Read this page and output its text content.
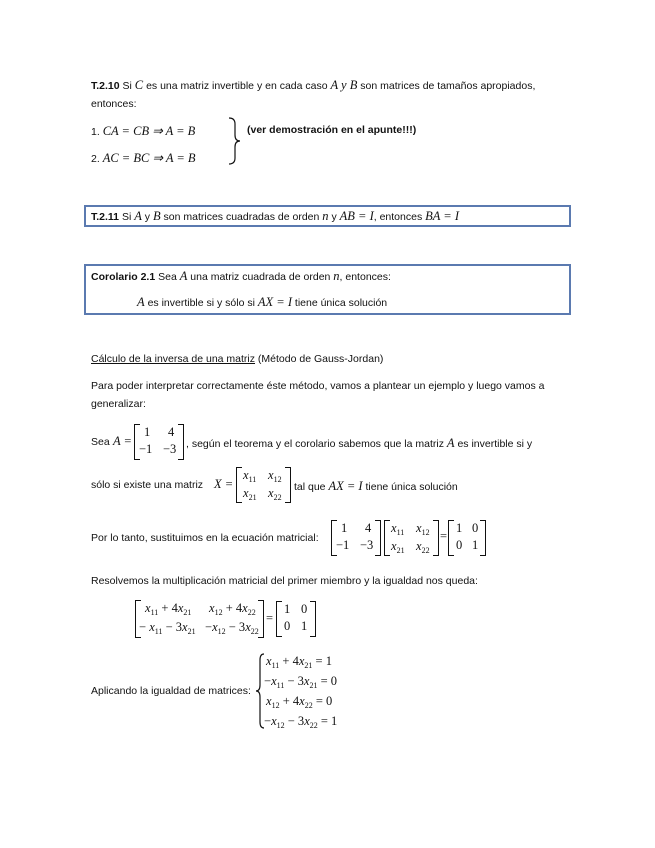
T.2.10 Si C es una matriz invertible y en cada caso A y B son matrices de tamaños apropiados,
entonces:
1. CA = CB ⇒ A = B
2. AC = BC ⇒ A = B
(ver demostración en el apunte!!!)
T.2.11 Si A y B son matrices cuadradas de orden n y AB = I, entonces BA = I
Corolario 2.1 Sea A una matriz cuadrada de orden n, entonces:
A es invertible si y sólo si AX = I tiene única solución
Cálculo de la inversa de una matriz (Método de Gauss-Jordan)
Para poder interpretar correctamente éste método, vamos a plantear un ejemplo y luego vamos a
generalizar:
Sea A =
1 4
−1 −3 , según el teorema y el corolario sabemos que la matriz A es invertible si y
sólo si existe una matriz X =
$x_{11}$ $x_{12}$
$x_{21}$ $x_{22}$
tal que AX = I tiene única solución
Por lo tanto, sustituimos en la ecuación matricial:
1 4
−1 −3
$x_{11}$ $x_{12}$
$x_{21}$ $x_{22}$
=
1 0
0 1
Resolvemos la multiplicación matricial del primer miembro y la igualdad nos queda:
$x_{11} + 4x_{21}$ $x_{12} + 4x_{22}$
− $x_{11} - 3x_{21} -x_{12} - 3x_{22}$
=
1 0
0 1
Aplicando la igualdad de matrices:
$x_{11} + 4x_{21} = 1$
$-x_{11} - 3x_{21} = 0$
$x_{12} + 4x_{22} = 0$
$-x_{12} - 3x_{22} = 1$
